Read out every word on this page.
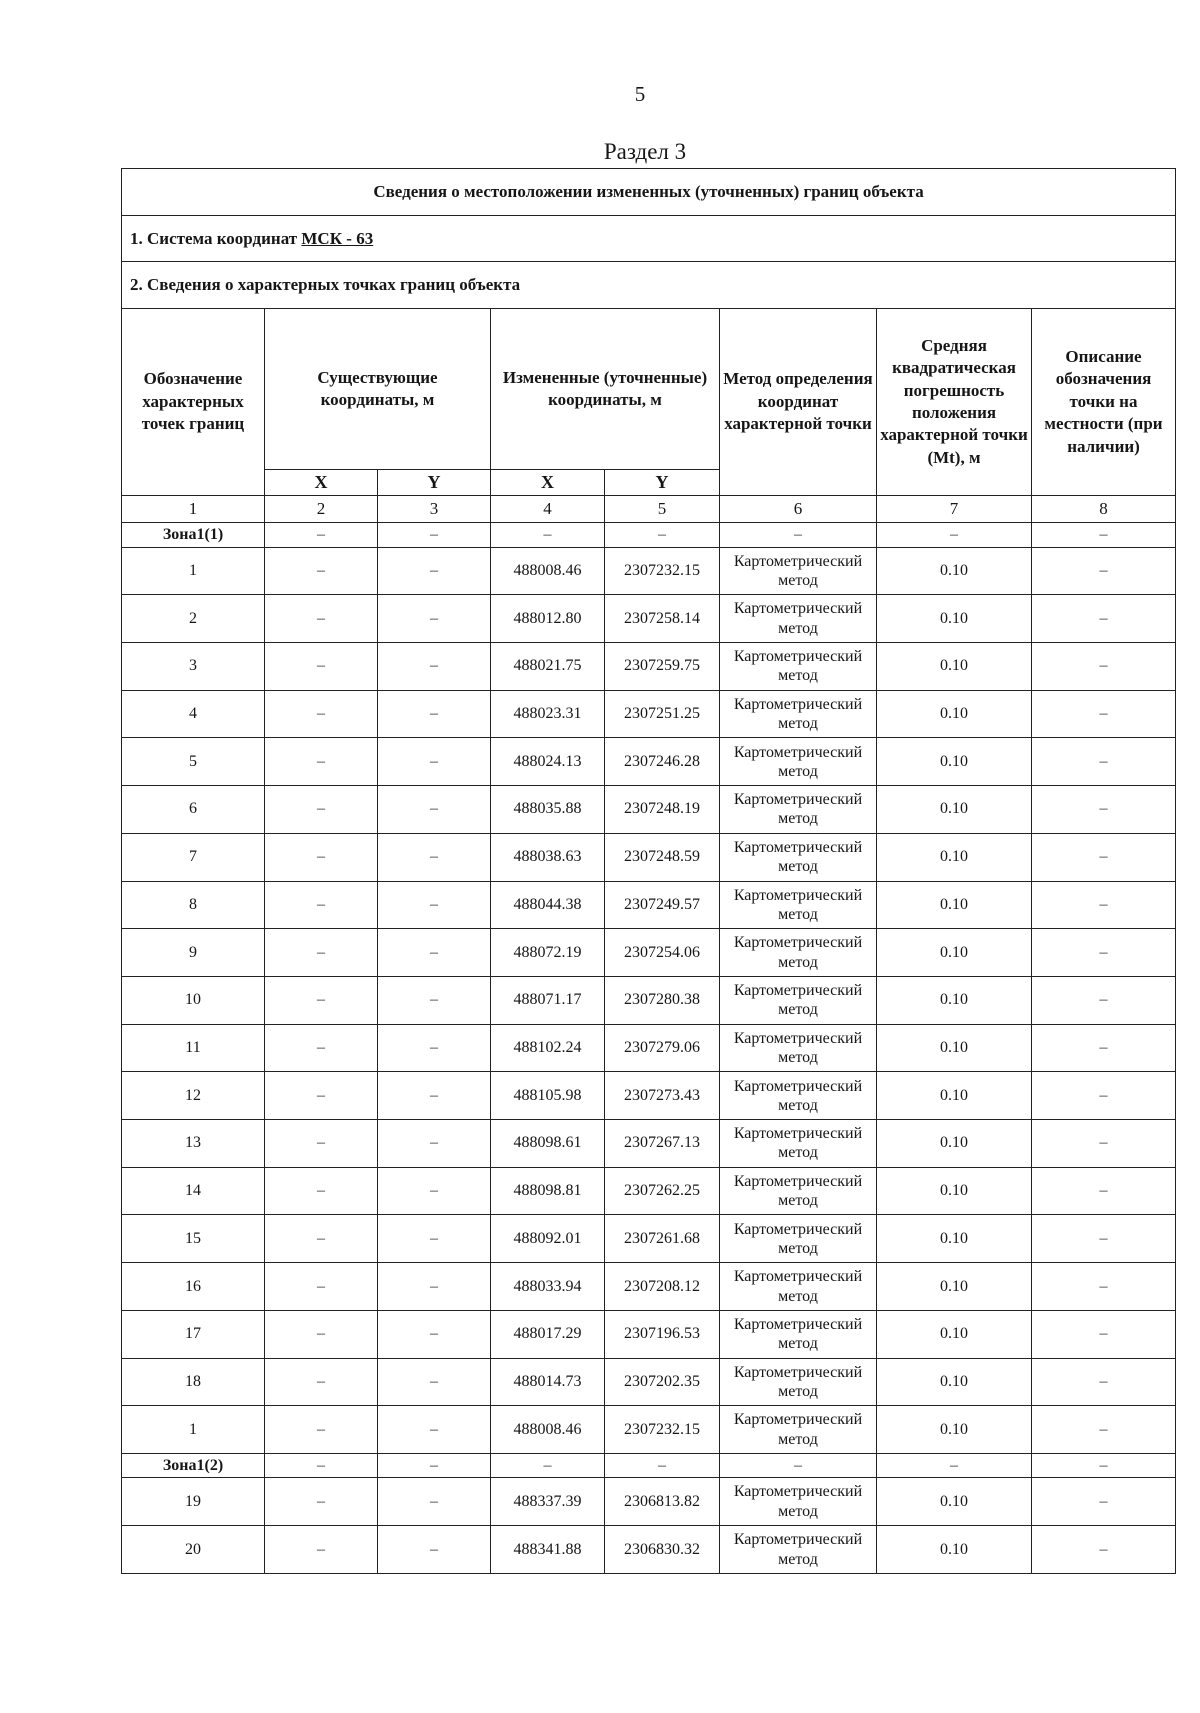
5
Раздел 3
Сведения о местоположении измененных (уточненных) границ объекта							
1. Система координат МСК - 63							
2. Сведения о характерных точках границ объекта							
Обозначение характерных точек границ	Существующие координаты, м		Измененные (уточненные) координаты, м		Метод определения координат характерной точки	Средняя квадратическая погрешность положения характерной точки (Mt), м	Описание обозначения точки на местности (при наличии)
	X	Y	X	Y			
1	2	3	4	5	6	7	8
Зона1(1)	–	–	–	–	–	–	–
1	–	–	488008.46	2307232.15	Картометрический метод	0.10	–
2	–	–	488012.80	2307258.14	Картометрический метод	0.10	–
3	–	–	488021.75	2307259.75	Картометрический метод	0.10	–
4	–	–	488023.31	2307251.25	Картометрический метод	0.10	–
5	–	–	488024.13	2307246.28	Картометрический метод	0.10	–
6	–	–	488035.88	2307248.19	Картометрический метод	0.10	–
7	–	–	488038.63	2307248.59	Картометрический метод	0.10	–
8	–	–	488044.38	2307249.57	Картометрический метод	0.10	–
9	–	–	488072.19	2307254.06	Картометрический метод	0.10	–
10	–	–	488071.17	2307280.38	Картометрический метод	0.10	–
11	–	–	488102.24	2307279.06	Картометрический метод	0.10	–
12	–	–	488105.98	2307273.43	Картометрический метод	0.10	–
13	–	–	488098.61	2307267.13	Картометрический метод	0.10	–
14	–	–	488098.81	2307262.25	Картометрический метод	0.10	–
15	–	–	488092.01	2307261.68	Картометрический метод	0.10	–
16	–	–	488033.94	2307208.12	Картометрический метод	0.10	–
17	–	–	488017.29	2307196.53	Картометрический метод	0.10	–
18	–	–	488014.73	2307202.35	Картометрический метод	0.10	–
1	–	–	488008.46	2307232.15	Картометрический метод	0.10	–
Зона1(2)	–	–	–	–	–	–	–
19	–	–	488337.39	2306813.82	Картометрический метод	0.10	–
20	–	–	488341.88	2306830.32	Картометрический метод	0.10	–
